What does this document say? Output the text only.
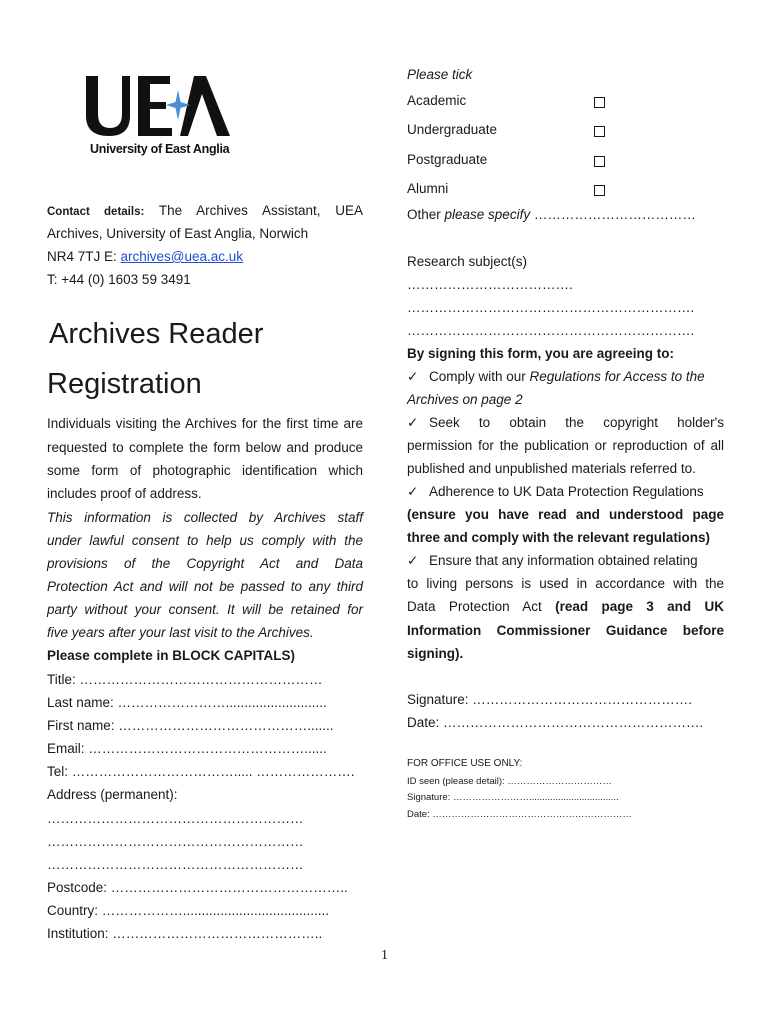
University of East Anglia
Contact details: The Archives Assistant, UEA
Archives, University of East Anglia, Norwich
NR4 7TJ E: archives@uea.ac.uk
T: +44 (0) 1603 59 3491
Archives Reader
Registration
Individuals visiting the Archives for the first time are
requested to complete the form below and produce
some form of photographic identification which
includes proof of address.
This information is collected by Archives staff
under lawful consent to help us comply with the
provisions of the Copyright Act and Data
Protection Act and will not be passed to any third
party without your consent. It will be retained for
five years after your last visit to the Archives.
Please complete in BLOCK CAPITALS)
Title: ………………………………………………
Last name: ……………………...........................
First name: …………………………………….......
Email: …………………………………………......
Tel: ………………………………..... ………………….
Address (permanent):
…………………………………………………
…………………………………………………
…………………………………………………
Postcode: ……………………………………………..
Country: ……………….......................................
Institution: ………………………………………..
Please tick
Academic
Undergraduate
Postgraduate
Alumni
Other please specify ………………………………
Research subject(s)
……………………………….
……………………………………………………….
……………………………………………………….
By signing this form, you are agreeing to:
✓ Comply with our Regulations for Access to the
Archives on page 2
✓ Seek to obtain the copyright holder's
permission for the publication or reproduction of all
published and unpublished materials referred to.
✓ Adherence to UK Data Protection Regulations
(ensure you have read and understood page
three and comply with the relevant regulations)
✓ Ensure that any information obtained relating
to living persons is used in accordance with the
Data Protection Act (read page 3 and UK
Information Commissioner Guidance before
signing).
Signature: ………………………………………….
Date: ………………………………………………….
FOR OFFICE USE ONLY:
ID seen (please detail): ……………………………
Signature: ……………………..................................
Date: ………………………………………………………
1
